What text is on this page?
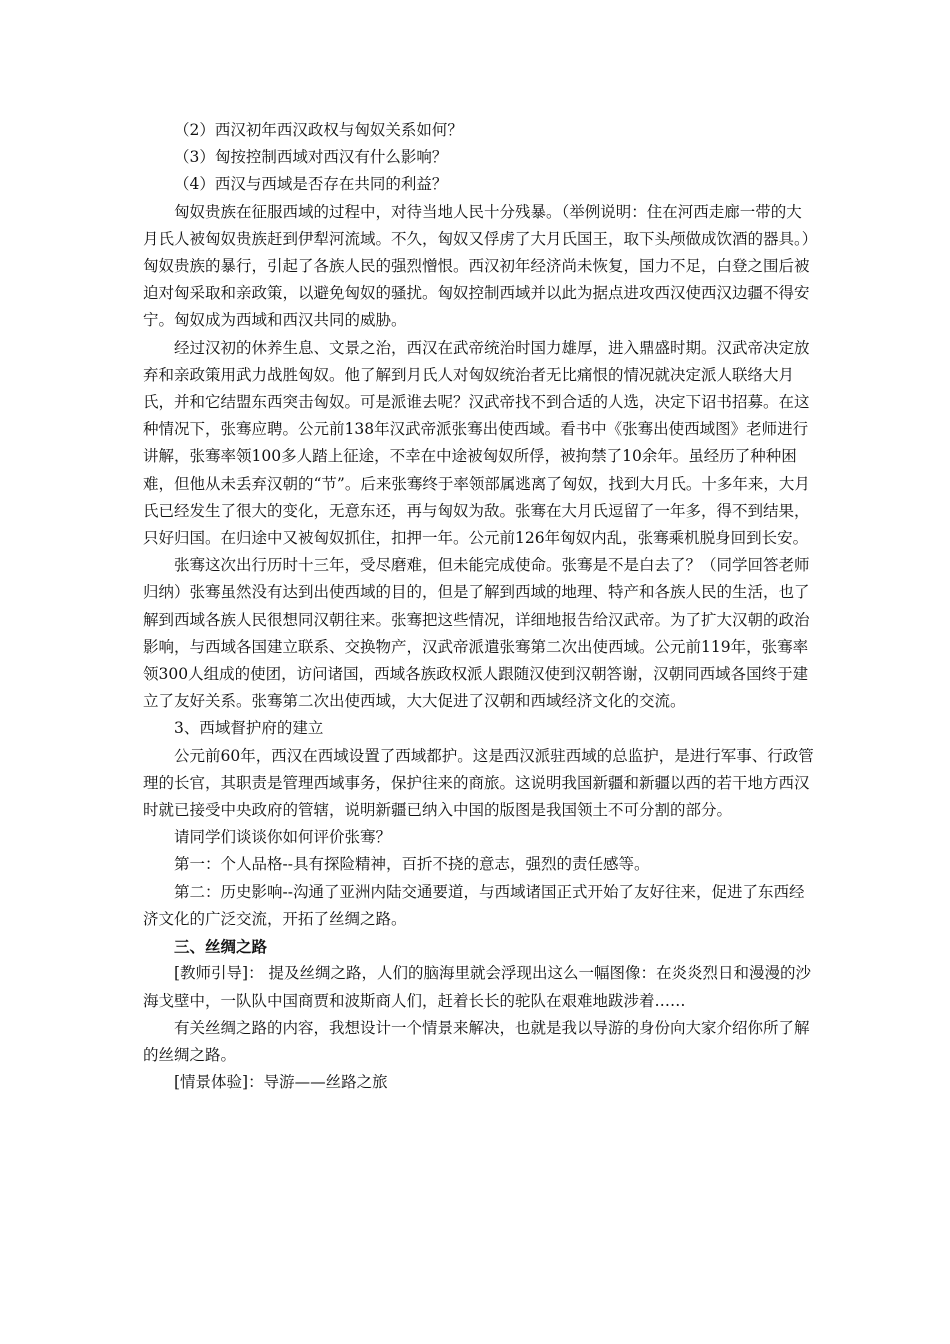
（2）西汉初年西汉政权与匈奴关系如何？

（3）匈按控制西域对西汉有什么影响？

（4）西汉与西域是否存在共同的利益？

匈奴贵族在征服西域的过程中，对待当地人民十分残暴。（举例说明：住在河西走廊一带的大月氏人被匈奴贵族赶到伊犁河流域。不久，匈奴又俘虏了大月氏国王，取下头颅做成饮酒的器具。）匈奴贵族的暴行，引起了各族人民的强烈憎恨。西汉初年经济尚未恢复，国力不足，白登之围后被迫对匈采取和亲政策，以避免匈奴的骚扰。匈奴控制西域并以此为据点进攻西汉使西汉边疆不得安宁。匈奴成为西域和西汉共同的威胁。

经过汉初的休养生息、文景之治，西汉在武帝统治时国力雄厚，进入鼎盛时期。汉武帝决定放弃和亲政策用武力战胜匈奴。他了解到月氏人对匈奴统治者无比痛恨的情况就决定派人联络大月氏，并和它结盟东西突击匈奴。可是派谁去呢？汉武帝找不到合适的人选，决定下诏书招募。在这种情况下，张骞应聘。公元前138年汉武帝派张骞出使西域。看书中《张骞出使西域图》老师进行讲解，张骞率领100多人踏上征途，不幸在中途被匈奴所俘，被拘禁了10余年。虽经历了种种困难，但他从未丢弃汉朝的“节”。后来张骞终于率领部属逃离了匈奴，找到大月氏。十多年来，大月氏已经发生了很大的变化，无意东还，再与匈奴为敌。张骞在大月氏逗留了一年多，得不到结果，只好归国。在归途中又被匈奴抓住，扣押一年。公元前126年匈奴内乱，张骞乘机脱身回到长安。

张骞这次出行历时十三年，受尽磨难，但未能完成使命。张骞是不是白去了？（同学回答老师归纳）张骞虽然没有达到出使西域的目的，但是了解到西域的地理、特产和各族人民的生活，也了解到西域各族人民很想同汉朝往来。张骞把这些情况，详细地报告给汉武帝。为了扩大汉朝的政治影响，与西域各国建立联系、交换物产，汉武帝派遣张骞第二次出使西域。公元前119年，张骞率领300人组成的使团，访问诸国，西域各族政权派人跟随汉使到汉朝答谢，汉朝同西域各国终于建立了友好关系。张骞第二次出使西域，大大促进了汉朝和西域经济文化的交流。

3、西域督护府的建立

公元前60年，西汉在西域设置了西域都护。这是西汉派驻西域的总监护，是进行军事、行政管理的长官，其职责是管理西域事务，保护往来的商旅。这说明我国新疆和新疆以西的若干地方西汉时就已接受中央政府的管辖，说明新疆已纳入中国的版图是我国领土不可分割的部分。

请同学们谈谈你如何评价张骞？

第一：个人品格--具有探险精神，百折不挠的意志，强烈的责任感等。

第二：历史影响--沟通了亚洲内陆交通要道，与西域诸国正式开始了友好往来，促进了东西经济文化的广泛交流，开拓了丝绸之路。

三、丝绸之路

[教师引导]： 提及丝绸之路，人们的脑海里就会浮现出这么一幅图像：在炎炎烈日和漫漫的沙海戈壁中，一队队中国商贾和波斯商人们，赶着长长的驼队在艰难地跋涉着……

有关丝绸之路的内容，我想设计一个情景来解决，也就是我以导游的身份向大家介绍你所了解的丝绸之路。

[情景体验]：导游——丝路之旅
